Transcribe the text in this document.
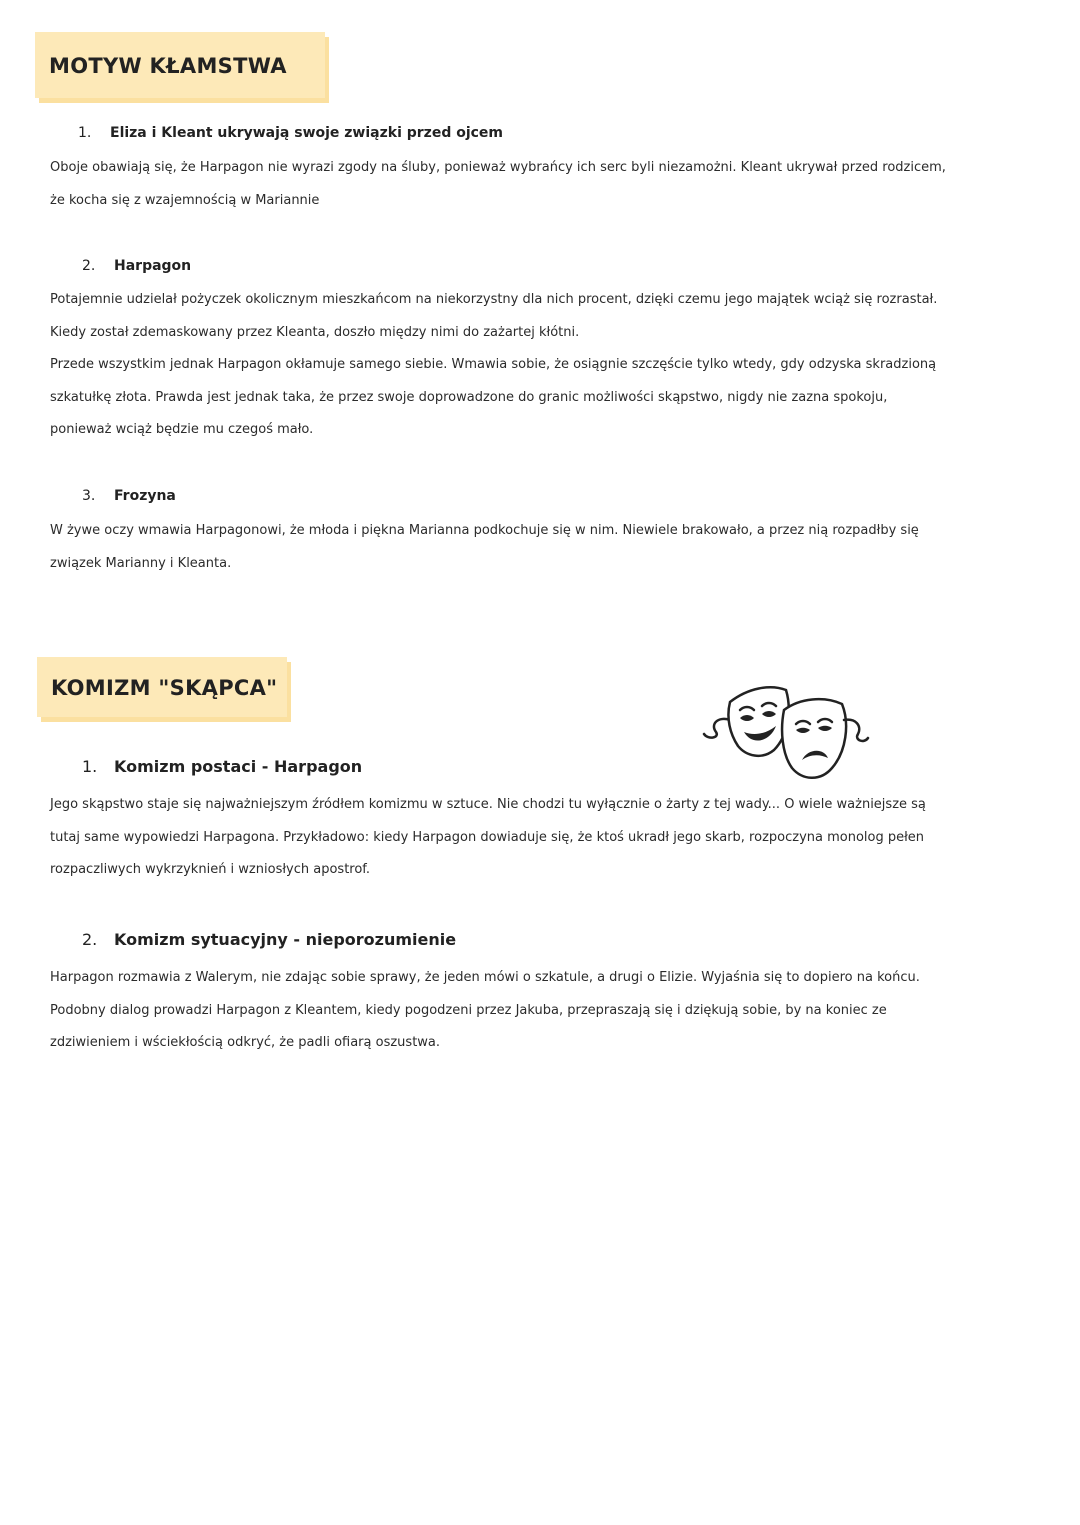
MOTYW KŁAMSTWA
1. Eliza i Kleant ukrywają swoje związki przed ojcem
Oboje obawiają się, że Harpagon nie wyrazi zgody na śluby, ponieważ wybrańcy ich serc byli niezamożni. Kleant ukrywał przed rodzicem,
że kocha się z wzajemnością w Mariannie
2. Harpagon
Potajemnie udzielał pożyczek okolicznym mieszkańcom na niekorzystny dla nich procent, dzięki czemu jego majątek wciąż się rozrastał.
Kiedy został zdemaskowany przez Kleanta, doszło między nimi do zażartej kłótni.
Przede wszystkim jednak Harpagon okłamuje samego siebie. Wmawia sobie, że osiągnie szczęście tylko wtedy, gdy odzyska skradzioną
szkatułkę złota. Prawda jest jednak taka, że przez swoje doprowadzone do granic możliwości skąpstwo, nigdy nie zazna spokoju,
ponieważ wciąż będzie mu czegoś mało.
3. Frozyna
W żywe oczy wmawia Harpagonowi, że młoda i piękna Marianna podkochuje się w nim. Niewiele brakowało, a przez nią rozpadłby się
związek Marianny i Kleanta.
KOMIZM "SKĄPCA"
1. Komizm postaci - Harpagon
Jego skąpstwo staje się najważniejszym źródłem komizmu w sztuce. Nie chodzi tu wyłącznie o żarty z tej wady... O wiele ważniejsze są
tutaj same wypowiedzi Harpagona. Przykładowo: kiedy Harpagon dowiaduje się, że ktoś ukradł jego skarb, rozpoczyna monolog pełen
rozpaczliwych wykrzyknień i wzniosłych apostrof.
2. Komizm sytuacyjny - nieporozumienie
Harpagon rozmawia z Walerym, nie zdając sobie sprawy, że jeden mówi o szkatule, a drugi o Elizie. Wyjaśnia się to dopiero na końcu.
Podobny dialog prowadzi Harpagon z Kleantem, kiedy pogodzeni przez Jakuba, przepraszają się i dziękują sobie, by na koniec ze
zdziwieniem i wściekłością odkryć, że padli ofiarą oszustwa.
